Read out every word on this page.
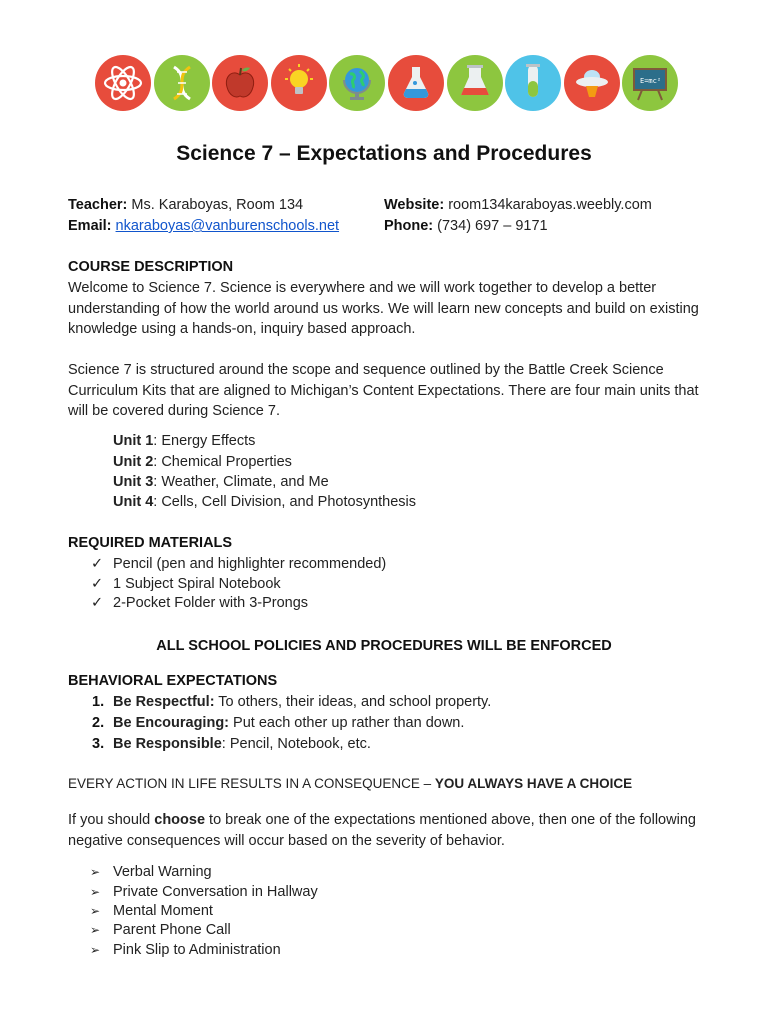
E=mc²
Science 7 – Expectations and Procedures
Teacher: Ms. Karaboyas, Room 134
Email: nkaraboyas@vanburenschools.net
Website: room134karaboyas.weebly.com
Phone: (734) 697 – 9171
COURSE DESCRIPTION
Welcome to Science 7. Science is everywhere and we will work together to develop a better understanding of how the world around us works. We will learn new concepts and build on existing knowledge using a hands-on, inquiry based approach.
Science 7 is structured around the scope and sequence outlined by the Battle Creek Science Curriculum Kits that are aligned to Michigan’s Content Expectations. There are four main units that will be covered during Science 7.
Unit 1: Energy Effects
Unit 2: Chemical Properties
Unit 3: Weather, Climate, and Me
Unit 4: Cells, Cell Division, and Photosynthesis
REQUIRED MATERIALS
✓ Pencil (pen and highlighter recommended)
✓ 1 Subject Spiral Notebook
✓ 2-Pocket Folder with 3-Prongs
ALL SCHOOL POLICIES AND PROCEDURES WILL BE ENFORCED
BEHAVIORAL EXPECTATIONS
1. Be Respectful: To others, their ideas, and school property.
2. Be Encouraging: Put each other up rather than down.
3. Be Responsible: Pencil, Notebook, etc.
EVERY ACTION IN LIFE RESULTS IN A CONSEQUENCE – YOU ALWAYS HAVE A CHOICE
If you should choose to break one of the expectations mentioned above, then one of the following negative consequences will occur based on the severity of behavior.
➢ Verbal Warning
➢ Private Conversation in Hallway
➢ Mental Moment
➢ Parent Phone Call
➢ Pink Slip to Administration
